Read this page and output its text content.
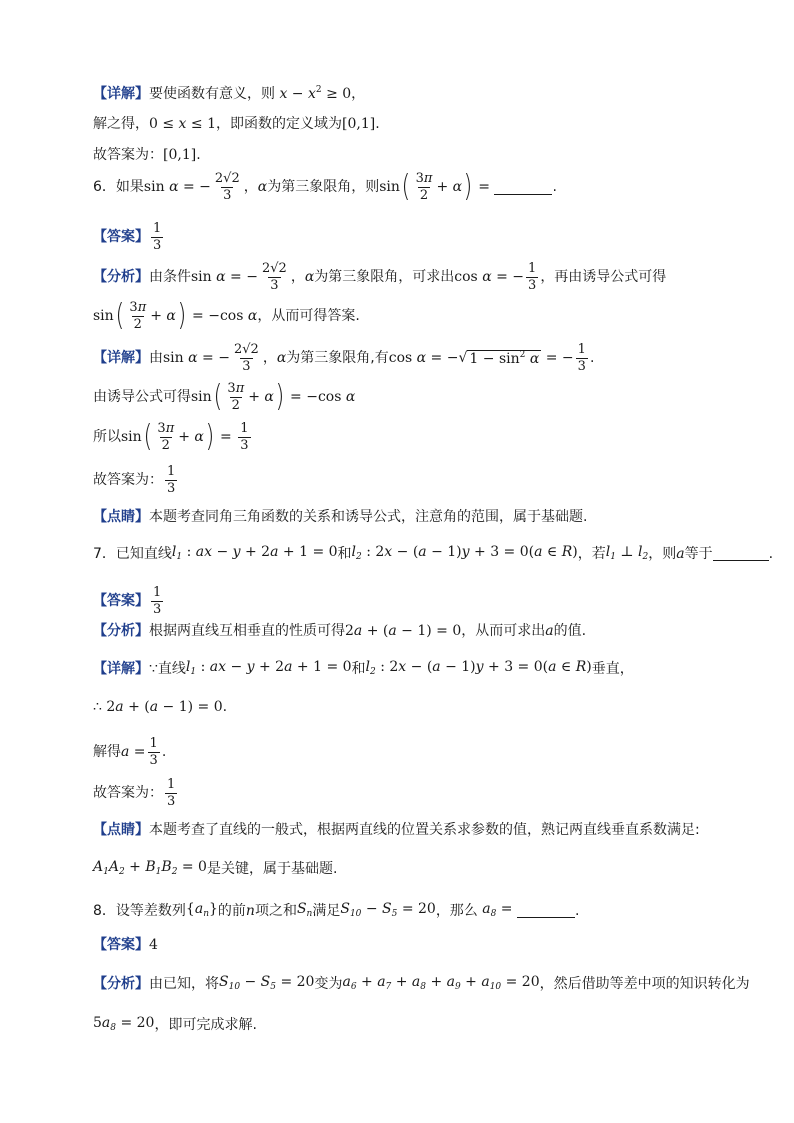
【详解】 要使函数有意义，则 $x - x^2 \ge 0$ ，
解之得， 0 ≤ x ≤ 1 ，即函数的定义域为 [0,1] .
故答案为： [0,1] .
6．如果 sin α = − $\frac{2√2}{3}$ ， α 为第三象限角，则 sin ( $\frac{3\pi}{2} + \alpha$ ) =	.
【答案】 $\frac{1}{3}$
【分析】 由条件 sin α = − $\frac{2√2}{3}$ ， α 为第三象限角，可求出 cos α = − $\frac{1}{3}$ ，再由诱导公式可得
sin ( $\frac{3\pi}{2} + \alpha$ ) = −cos α ，从而可得答案.
【详解】 由 sin α = − $\frac{2√2}{3}$ ， α 为第三象限角,有 cos α = −√ $1 - \sin^2 \alpha$ = − $\frac{1}{3}$ .
由诱导公式可得 sin ( $\frac{3\pi}{2} + \alpha$ ) = −cos α
所以 sin ( $\frac{3\pi}{2} + \alpha$ ) = $\frac{1}{3}$
故答案为： $\frac{1}{3}$
【点睛】 本题考查同角三角函数的关系和诱导公式，注意角的范围，属于基础题.
7．已知直线 $l_1$ : ax − y + 2a + 1 = 0 和 $l_2$ : 2x − (a − 1)y + 3 = 0(a ∈ R) ，若 $l_1$ ⊥ $l_2$ ，则 a 等于	.
【答案】 $\frac{1}{3}$
【分析】 根据两直线互相垂直的性质可得 2a + (a − 1) = 0 ，从而可求出 a 的值.
【详解】 ∵ 直线 $l_1$ : ax − y + 2a + 1 = 0 和 $l_2$ : 2x − (a − 1)y + 3 = 0(a ∈ R) 垂直，
∴ 2a + (a − 1) = 0 .
解得 $a = \frac{1}{3}$ .
故答案为： $\frac{1}{3}$
【点睛】 本题考查了直线的一般式，根据两直线的位置关系求参数的值，熟记两直线垂直系数满足:
$A_1A_2 + B_1B_2 = 0$ 是关键，属于基础题.
8．设等差数列 $\{a_n\}$ 的前 n 项之和 $S_n$ 满足 $S_{10} - S_5 = 20$ ，那么 $a_8$ =	.
【答案】 4
【分析】 由已知，将 $S_{10} - S_5 = 20$ 变为 $a_6 + a_7 + a_8 + a_9 + a_{10} = 20$ ，然后借助等差中项的知识转化为
$5a_8 = 20$ ，即可完成求解.
